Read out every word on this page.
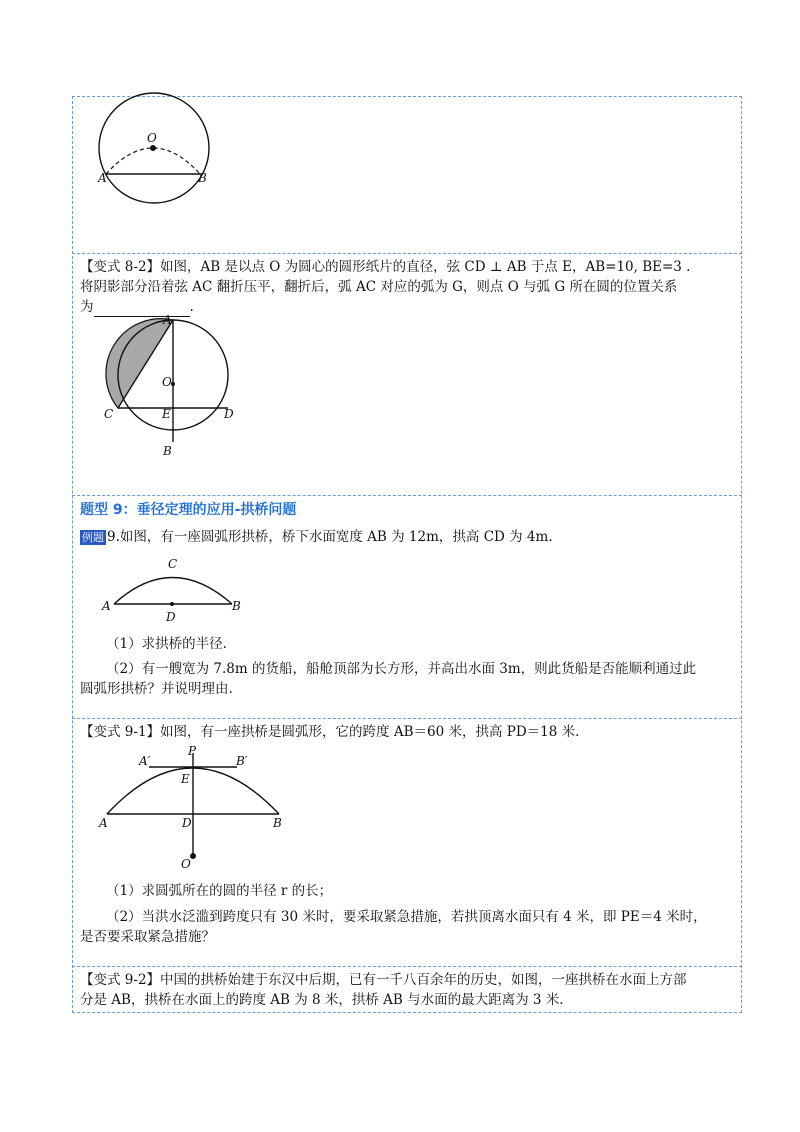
O
A	B
【变式 8-2】如图，AB 是以点 O 为圆心的圆形纸片的直径，弦 CD ⊥ AB 于点 E，AB=10, BE=3 .
将阴影部分沿着弦 AC 翻折压平，翻折后，弧 AC 对应的弧为 G，则点 O 与弧 G 所在圆的位置关系
为	.
A
O
C	E	D
B
题型 9：垂径定理的应用-拱桥问题
例题 9.如图，有一座圆弧形拱桥，桥下水面宽度 AB 为 12m，拱高 CD 为 4m.
C
A	B
D
（1）求拱桥的半径.
（2）有一艘宽为 7.8m 的货船，船舱顶部为长方形，并高出水面 3m，则此货船是否能顺利通过此
圆弧形拱桥？并说明理由.
【变式 9-1】如图，有一座拱桥是圆弧形，它的跨度 AB＝60 米，拱高 PD＝18 米.
P
A′	B′
E
A	D	B
O
（1）求圆弧所在的圆的半径 r 的长；
（2）当洪水泛滥到跨度只有 30 米时，要采取紧急措施，若拱顶离水面只有 4 米，即 PE＝4 米时，
是否要采取紧急措施？
【变式 9-2】中国的拱桥始建于东汉中后期，已有一千八百余年的历史，如图，一座拱桥在水面上方部
分是 AB，拱桥在水面上的跨度 AB 为 8 米，拱桥 AB 与水面的最大距离为 3 米.
